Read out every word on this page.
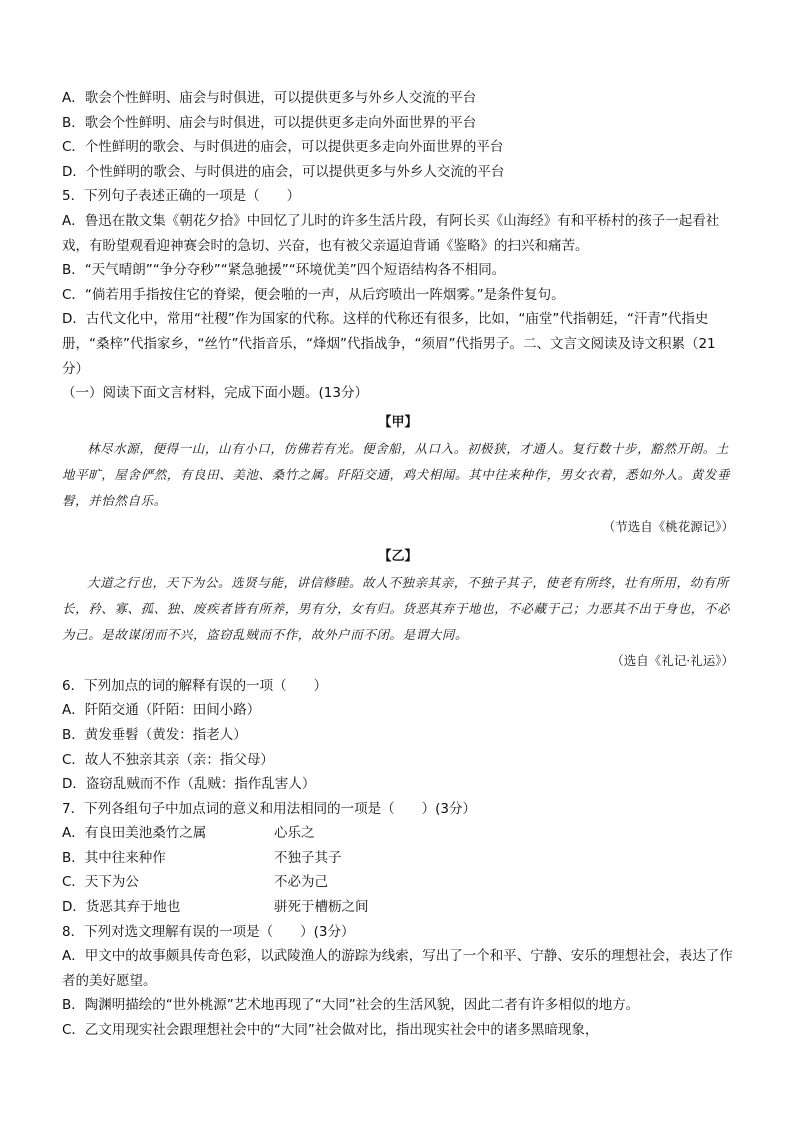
A．歌会个性鲜明、庙会与时俱进，可以提供更多与外乡人交流的平台
B．歌会个性鲜明、庙会与时俱进，可以提供更多走向外面世界的平台
C．个性鲜明的歌会、与时俱进的庙会，可以提供更多走向外面世界的平台
D．个性鲜明的歌会、与时俱进的庙会，可以提供更多与外乡人交流的平台
5．下列句子表述正确的一项是（　　）
A．鲁迅在散文集《朝花夕拾》中回忆了儿时的许多生活片段，有阿长买《山海经》有和平桥村的孩子一起看社戏，有盼望观看迎神赛会时的急切、兴奋，也有被父亲逼迫背诵《鉴略》的扫兴和痛苦。
B．“天气晴朗”“争分夺秒”“紧急驰援”“环境优美”四个短语结构各不相同。
C．“倘若用手指按住它的脊梁，便会啪的一声，从后窍喷出一阵烟雾。”是条件复句。
D．古代文化中，常用“社稷”作为国家的代称。这样的代称还有很多，比如，“庙堂”代指朝廷，“汗青”代指史册，“桑梓”代指家乡，“丝竹”代指音乐，“烽烟”代指战争，“须眉”代指男子。二、文言文阅读及诗文积累（21分）
（一）阅读下面文言材料，完成下面小题。(13分）
【甲】
林尽水源，便得一山，山有小口，仿佛若有光。便舍船，从口入。初极狭，才通人。复行数十步，豁然开朗。土地平旷，屋舍俨然，有良田、美池、桑竹之属。阡陌交通，鸡犬相闻。其中往来种作，男女衣着，悉如外人。黄发垂髫，并怡然自乐。
（节选自《桃花源记》）
【乙】
大道之行也，天下为公。选贤与能，讲信修睦。故人不独亲其亲，不独子其子，使老有所终，壮有所用，幼有所长，矜、寡、孤、独、废疾者皆有所养，男有分，女有归。货恶其弃于地也，不必藏于己；力恶其不出于身也，不必为己。是故谋闭而不兴，盗窃乱贼而不作，故外户而不闭。是谓大同。
（选自《礼记·礼运》）
6．下列加点的词的解释有误的一项（　　）
A．阡陌交通（阡陌：田间小路）
B．黄发垂髫（黄发：指老人）
C．故人不独亲其亲（亲：指父母）
D．盗窃乱贼而不作（乱贼：指作乱害人）
7．下列各组句子中加点词的意义和用法相同的一项是（　　）(3分）
A．有良田美池桑竹之属	心乐之
B．其中往来种作	不独子其子
C．天下为公	不必为己
D．货恶其弃于地也	骈死于槽枥之间
8．下列对选文理解有误的一项是（　　）(3分）
A．甲文中的故事颇具传奇色彩，以武陵渔人的游踪为线索，写出了一个和平、宁静、安乐的理想社会，表达了作者的美好愿望。
B．陶渊明描绘的“世外桃源”艺术地再现了“大同”社会的生活风貌，因此二者有许多相似的地方。
C．乙文用现实社会跟理想社会中的“大同”社会做对比，指出现实社会中的诸多黑暗现象，
